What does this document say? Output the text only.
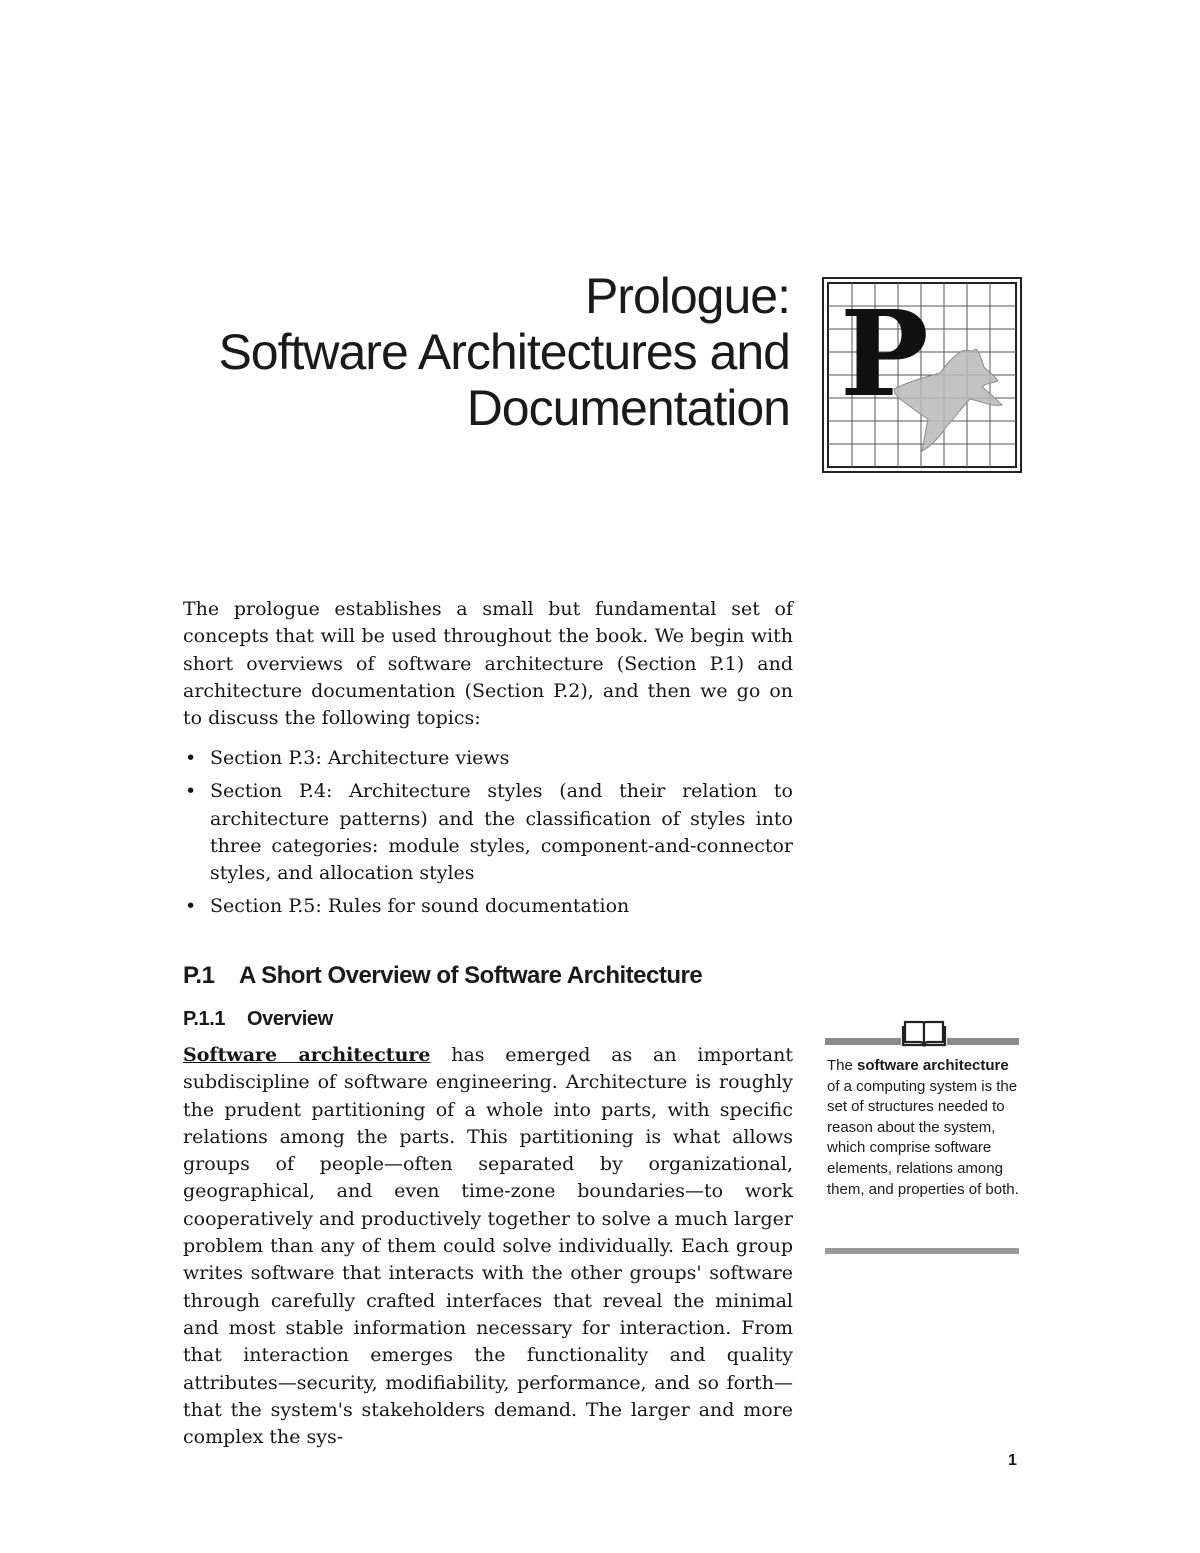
Prologue:
Software Architectures and
Documentation P

The prologue establishes a small but fundamental set of concepts that will be used throughout the book. We begin with short overviews of software architecture (Section P.1) and architecture documentation (Section P.2), and then we go on to discuss the following topics:

• Section P.3: Architecture views
• Section P.4: Architecture styles (and their relation to architecture patterns) and the classification of styles into three categories: module styles, component-and-connector styles, and allocation styles
• Section P.5: Rules for sound documentation
P.1 A Short Overview of Software Architecture
P.1.1 Overview

Software architecture has emerged as an important subdiscipline of software engineering. Architecture is roughly the prudent partitioning of a whole into parts, with specific relations among the parts. This partitioning is what allows groups of people—often separated by organizational, geographical, and even time-zone boundaries—to work cooperatively and productively together to solve a much larger problem than any of them could solve individually. Each group writes software that interacts with the other groups' software through carefully crafted interfaces that reveal the minimal and most stable information necessary for interaction. From that interaction emerges the functionality and quality attributes—security, modifiability, performance, and so forth—that the system's stakeholders demand. The larger and more complex the sys-

The software architecture of a computing system is the set of structures needed to reason about the system, which comprise software elements, relations among them, and properties of both.
1
